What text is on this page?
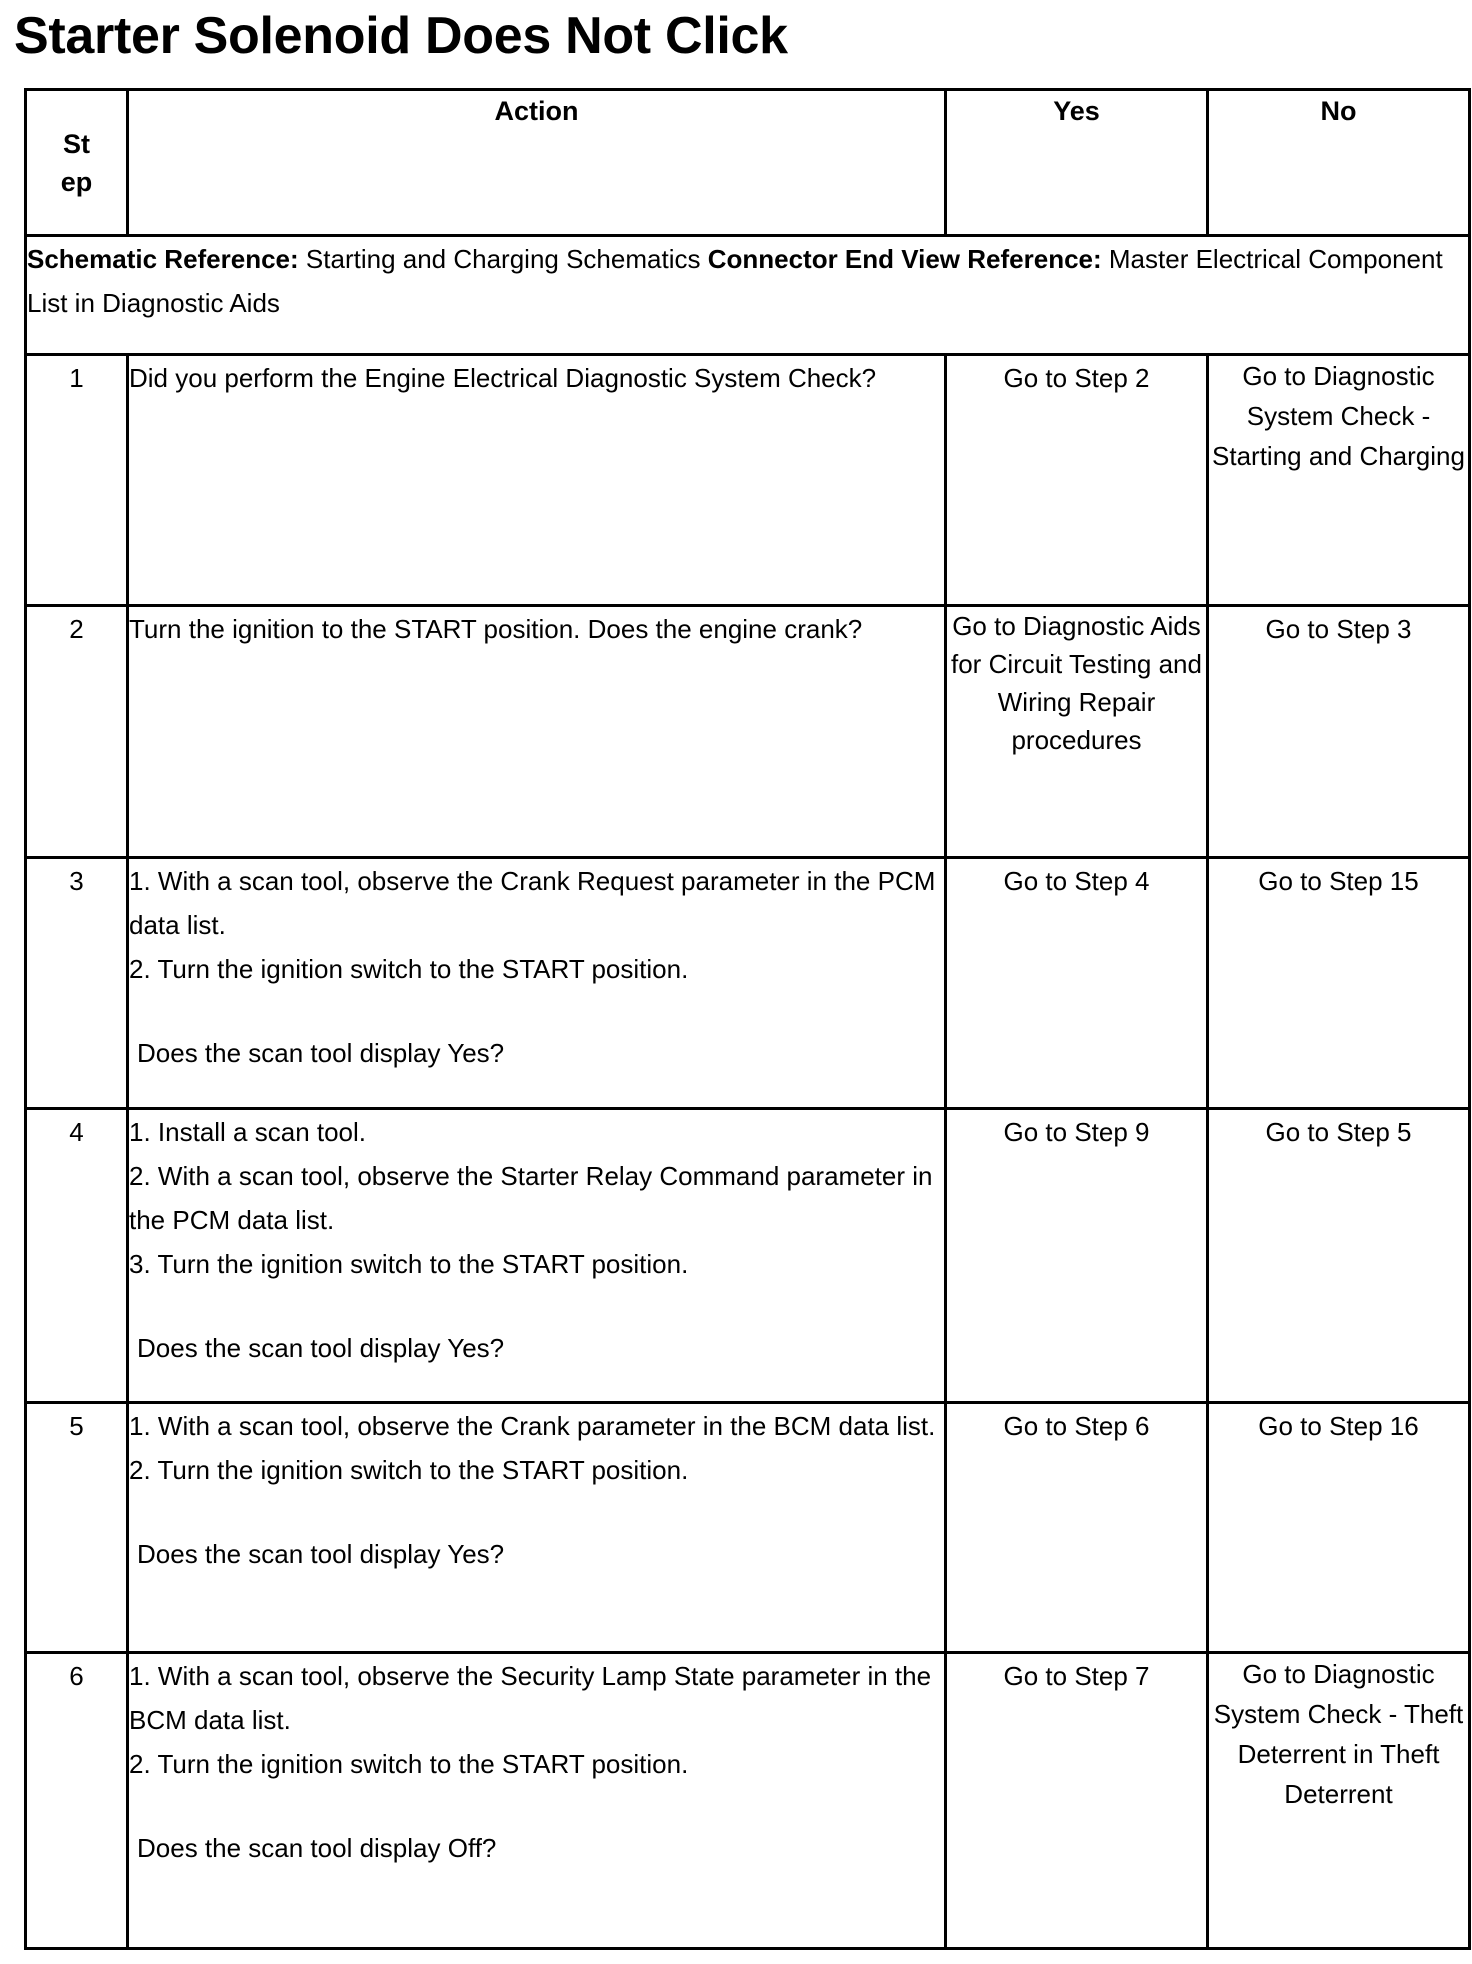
Starter Solenoid Does Not Click
St
ep	Action	Yes	No
Schematic Reference: Starting and Charging Schematics Connector End View Reference: Master Electrical Component List in Diagnostic Aids			
1	Did you perform the Engine Electrical Diagnostic System Check?	Go to Step 2	Go to Diagnostic System Check - Starting and Charging
2	Turn the ignition to the START position. Does the engine crank?	Go to Diagnostic Aids for Circuit Testing and Wiring Repair procedures	Go to Step 3
3	1. With a scan tool, observe the Crank Request parameter in the PCM data list.
2. Turn the ignition switch to the START position.
Does the scan tool display Yes?	Go to Step 4	Go to Step 15
4	1. Install a scan tool.
2. With a scan tool, observe the Starter Relay Command parameter in the PCM data list.
3. Turn the ignition switch to the START position.
Does the scan tool display Yes?	Go to Step 9	Go to Step 5
5	1. With a scan tool, observe the Crank parameter in the BCM data list.
2. Turn the ignition switch to the START position.
Does the scan tool display Yes?	Go to Step 6	Go to Step 16
6	1. With a scan tool, observe the Security Lamp State parameter in the BCM data list.
2. Turn the ignition switch to the START position.
Does the scan tool display Off?	Go to Step 7	Go to Diagnostic System Check - Theft Deterrent in Theft Deterrent
